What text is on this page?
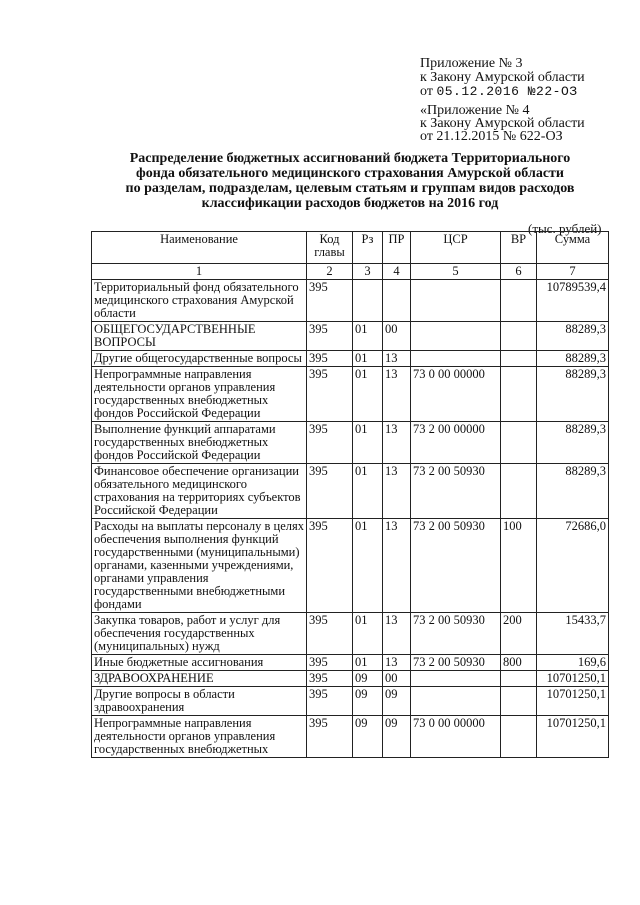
Приложение № 3
к Закону Амурской области
от 05.12.2016 №22-ОЗ
«Приложение № 4
к Закону Амурской области
от 21.12.2015 № 622-ОЗ
Распределение бюджетных ассигнований бюджета Территориального
фонда обязательного медицинского страхования Амурской области
по разделам, подразделам, целевым статьям и группам видов расходов
классификации расходов бюджетов на 2016 год
(тыс. рублей)
Наименование	Код главы	Рз	ПР	ЦСР	ВР	Сумма
1	2	3	4	5	6	7
Территориальный фонд обязательного медицинского страхования Амурской области	395					10789539,4
ОБЩЕГОСУДАРСТВЕННЫЕ ВОПРОСЫ	395	01	00			88289,3
Другие общегосударственные вопросы	395	01	13			88289,3
Непрограммные направления деятельности органов управления государственных внебюджетных фондов Российской Федерации	395	01	13	73 0 00 00000		88289,3
Выполнение функций аппаратами государственных внебюджетных фондов Российской Федерации	395	01	13	73 2 00 00000		88289,3
Финансовое обеспечение организации обязательного медицинского страхования на территориях субъектов Российской Федерации	395	01	13	73 2 00 50930		88289,3
Расходы на выплаты персоналу в целях обеспечения выполнения функций государственными (муниципальными) органами, казенными учреждениями, органами управления государственными внебюджетными фондами	395	01	13	73 2 00 50930	100	72686,0
Закупка товаров, работ и услуг для обеспечения государственных (муниципальных) нужд	395	01	13	73 2 00 50930	200	15433,7
Иные бюджетные ассигнования	395	01	13	73 2 00 50930	800	169,6
ЗДРАВООХРАНЕНИЕ	395	09	00			10701250,1
Другие вопросы в области здравоохранения	395	09	09			10701250,1
Непрограммные направления деятельности органов управления государственных внебюджетных	395	09	09	73 0 00 00000		10701250,1
